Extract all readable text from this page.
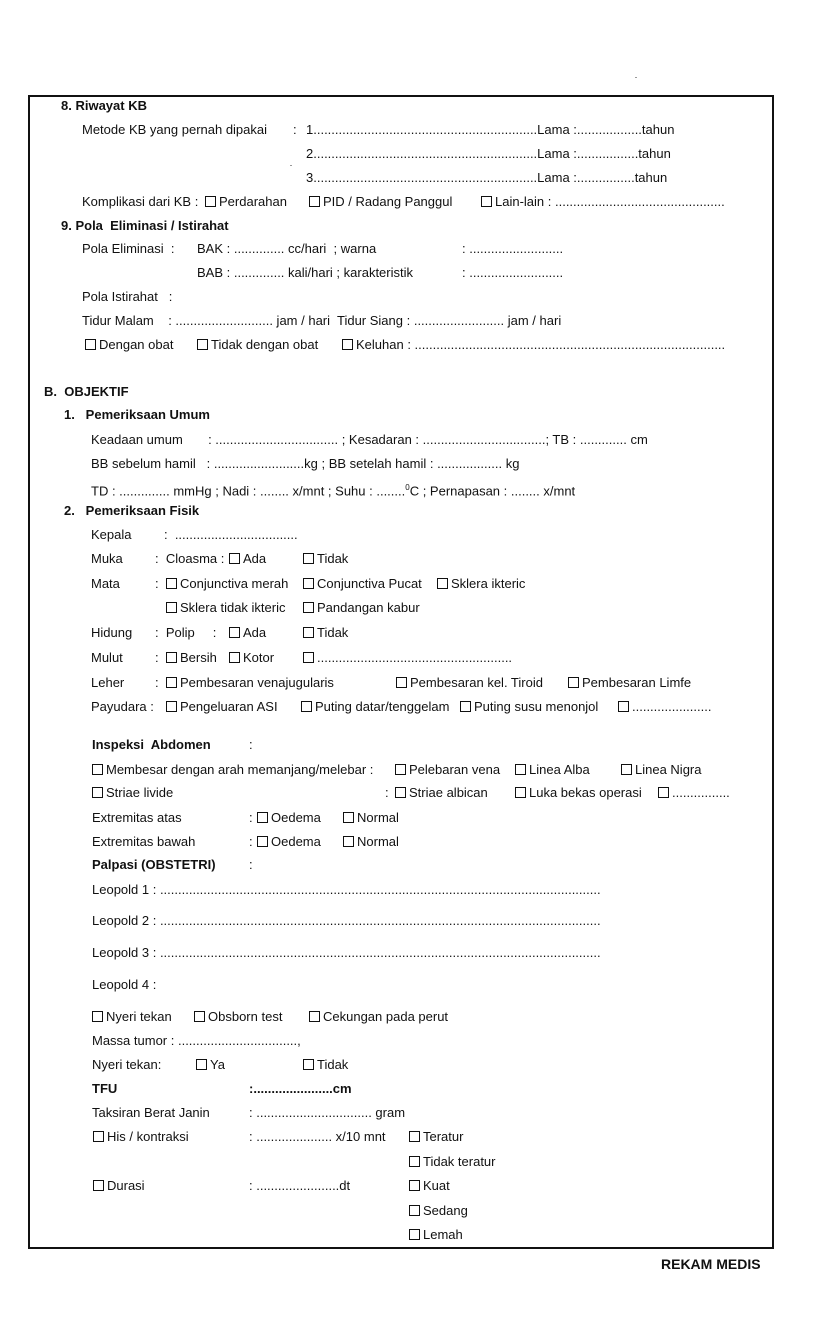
8. Riwayat KB
Metode KB yang pernah dipakai : 1..............................................................Lama :..................tahun
2..............................................................Lama :.................tahun
3..............................................................Lama :................tahun
Komplikasi dari KB :	Perdarahan	PID / Radang Panggul	Lain-lain : ...............................................
9. Pola  Eliminasi / Istirahat
Pola Eliminasi  : BAK : .............. cc/hari  ; warna	: ..........................
BAB : .............. kali/hari ; karakteristik	: ..........................
Pola Istirahat   :
Tidur Malam    : ........................... jam / hari  Tidur Siang : ......................... jam / hari
Dengan obat	Tidak dengan obat	Keluhan : ......................................................................................
B.  OBJEKTIF
1.   Pemeriksaan Umum
Keadaan umum       : .................................. ; Kesadaran : ..................................; TB : ............. cm
BB sebelum hamil   : .........................kg ; BB setelah hamil : .................. kg
TD : .............. mmHg ; Nadi : ........ x/mnt ; Suhu : ........$^0$C ; Pernapasan : ........ x/mnt
2.   Pemeriksaan Fisik
Kepala         :  ..................................
Muka :  Cloasma :	Ada	Tidak
Mata	:	Conjunctiva merah	Conjunctiva Pucat	Sklera ikteric
Sklera tidak ikteric	Pandangan kabur
Hidung :  Polip     :	Ada	Tidak
Mulut :	Bersih	Kotor	......................................................
Leher :	Pembesaran venajugularis	Pembesaran kel. Tiroid	Pembesaran Limfe
Payudara :	Pengeluaran ASI	Puting datar/tenggelam	Puting susu menonjol	......................
Inspeksi  Abdomen	:
Membesar dengan arah memanjang/melebar :	Pelebaran vena	Linea Alba	Linea Nigra
Striae livide	:	Striae albican	Luka bekas operasi	................
Extremitas atas	:	Oedema	Normal
Extremitas bawah	:	Oedema	Normal
Palpasi (OBSTETRI)	:
Leopold 1 : ..........................................................................................................................
Leopold 2 : ..........................................................................................................................
Leopold 3 : ..........................................................................................................................
Leopold 4 :
Nyeri tekan	Obsborn test	Cekungan pada perut
Massa tumor : .................................,
Nyeri tekan:	Ya	Tidak
TFU	:......................cm
Taksiran Berat Janin	: ................................ gram
His / kontraksi	: ..................... x/10 mnt	Teratur
Tidak teratur
Durasi	: .......................dt	Kuat
Sedang
Lemah
REKAM MEDIS
